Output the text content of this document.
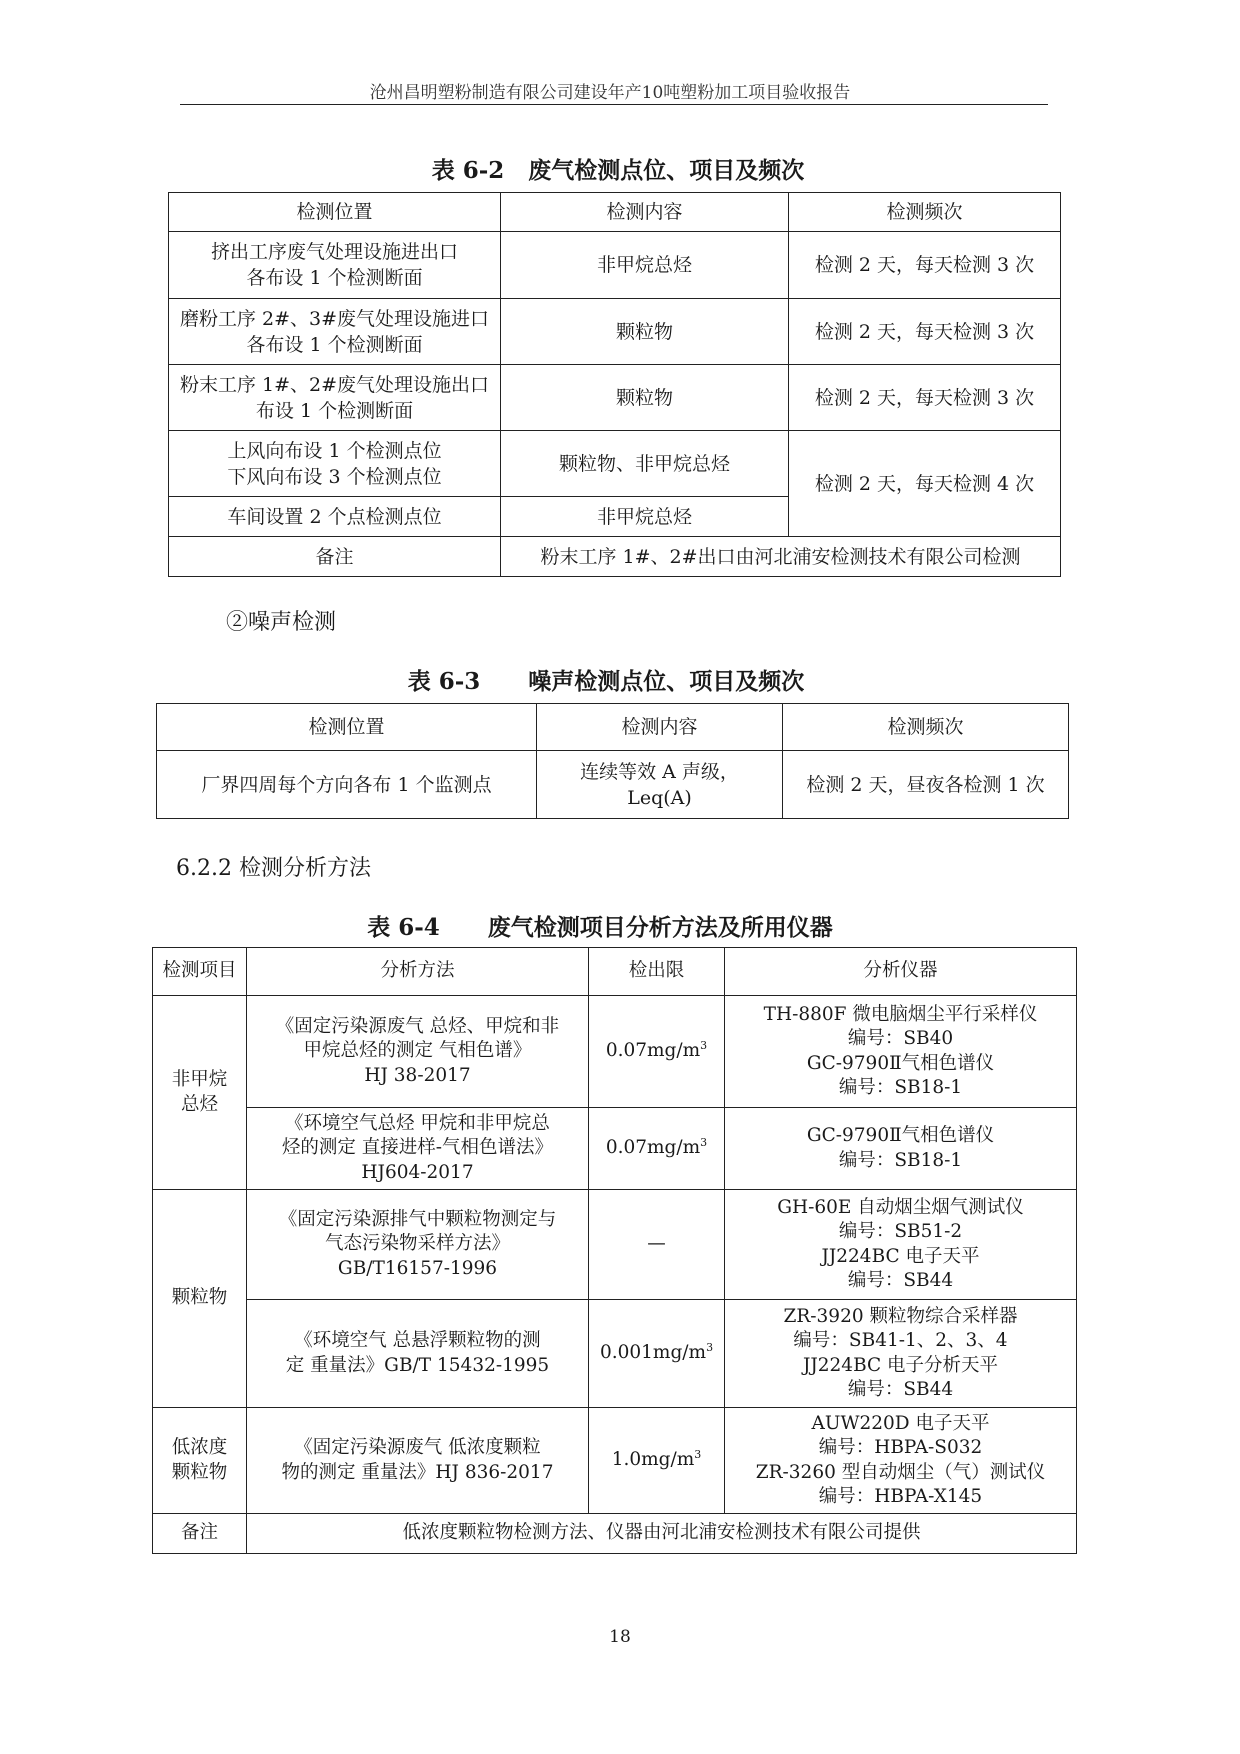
沧州昌明塑粉制造有限公司建设年产10吨塑粉加工项目验收报告
表 6-2   废气检测点位、项目及频次
检测位置	检测内容	检测频次
挤出工序废气处理设施进出口
各布设 1 个检测断面	非甲烷总烃	检测 2 天，每天检测 3 次
磨粉工序 2#、3#废气处理设施进口
各布设 1 个检测断面	颗粒物	检测 2 天，每天检测 3 次
粉末工序 1#、2#废气处理设施出口
布设 1 个检测断面	颗粒物	检测 2 天，每天检测 3 次
上风向布设 1 个检测点位
下风向布设 3 个检测点位	颗粒物、非甲烷总烃	检测 2 天，每天检测 4 次
车间设置 2 个点检测点位	非甲烷总烃	
备注	粉末工序 1#、2#出口由河北浦安检测技术有限公司检测	
②噪声检测
表 6-3      噪声检测点位、项目及频次
检测位置	检测内容	检测频次
厂界四周每个方向各布 1 个监测点	连续等效 A 声级，
Leq(A)	检测 2 天，昼夜各检测 1 次
6.2.2 检测分析方法
表 6-4      废气检测项目分析方法及所用仪器
检测项目	分析方法	检出限	分析仪器
非甲烷
总烃	《固定污染源废气 总烃、甲烷和非
甲烷总烃的测定 气相色谱》
HJ 38-2017	$0.07mg/m^3$	TH-880F 微电脑烟尘平行采样仪
编号：SB40
GC-9790Ⅱ气相色谱仪
编号：SB18-1
	《环境空气总烃 甲烷和非甲烷总
烃的测定 直接进样-气相色谱法》
HJ604-2017	$0.07mg/m^3$	GC-9790Ⅱ气相色谱仪
编号：SB18-1
颗粒物	《固定污染源排气中颗粒物测定与
气态污染物采样方法》
GB/T16157-1996	—	GH-60E 自动烟尘烟气测试仪
编号：SB51-2
JJ224BC 电子天平
编号：SB44
	《环境空气 总悬浮颗粒物的测
定 重量法》GB/T 15432-1995	$0.001mg/m^3$	ZR-3920 颗粒物综合采样器
编号：SB41-1、2、3、4
JJ224BC 电子分析天平
编号：SB44
低浓度
颗粒物	《固定污染源废气 低浓度颗粒
物的测定 重量法》HJ 836-2017	$1.0mg/m^3$	AUW220D 电子天平
编号：HBPA-S032
ZR-3260 型自动烟尘（气）测试仪
编号：HBPA-X145
备注	低浓度颗粒物检测方法、仪器由河北浦安检测技术有限公司提供		
18
